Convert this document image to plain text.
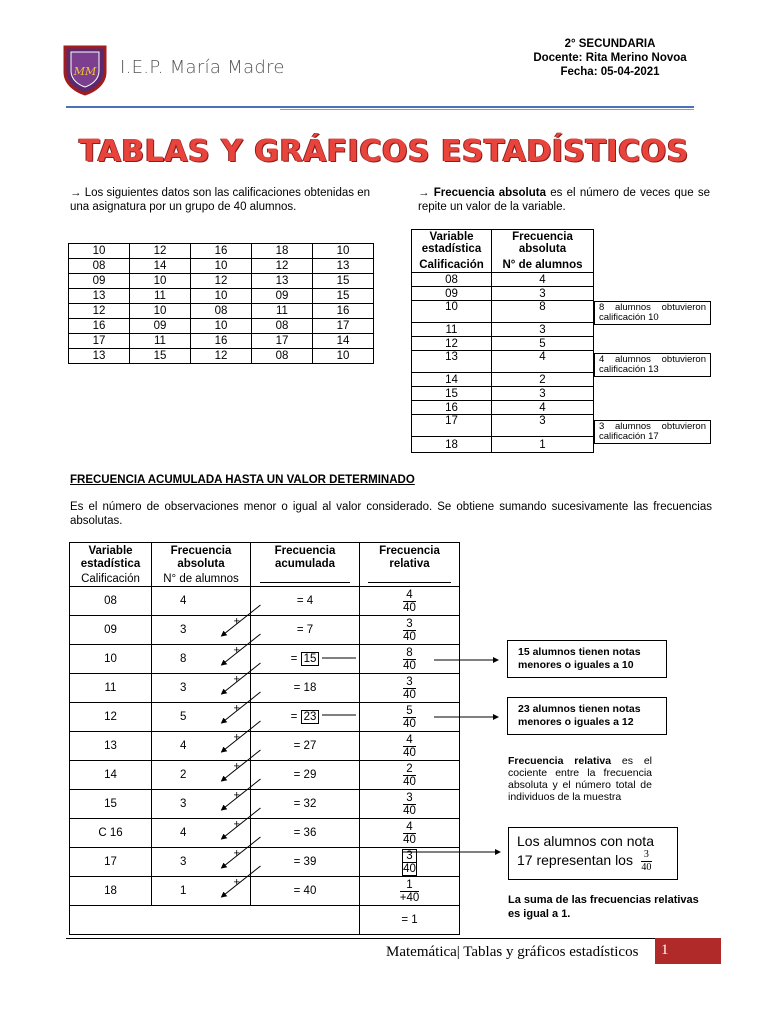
MM I.E.P. María Madre
2° SECUNDARIA
Docente: Rita Merino Novoa
Fecha: 05-04-2021
TABLAS Y GRÁFICOS ESTADÍSTICOS
→ Los siguientes datos son las calificaciones obtenidas en una asignatura por un grupo de 40 alumnos.
10	12	16	18	10
08	14	10	12	13
09	10	12	13	15
13	11	10	09	15
12	10	08	11	16
16	09	10	08	17
17	11	16	17	14
13	15	12	08	10
→ Frecuencia absoluta es el número de veces que se repite un valor de la variable.
Variable estadística	Frecuencia absoluta
Calificación	N° de alumnos
08	4
09	3
10	8
11	3
12	5
13	4
14	2
15	3
16	4
17	3
18	1
8 alumnos obtuvieron calificación 10
4 alumnos obtuvieron calificación 13
3 alumnos obtuvieron calificación 17
FRECUENCIA ACUMULADA HASTA UN VALOR DETERMINADO
Es el número de observaciones menor o igual al valor considerado. Se obtiene sumando sucesivamente las frecuencias absolutas.
Variable estadística	Frecuencia absoluta	Frecuencia acumulada	Frecuencia relativa
Calificación	N° de alumnos		
08	4	= 4	$\frac{4}{40}$
09	3	= 7	$\frac{3}{40}$
10	8	= 15	$\frac{8}{40}$
11	3	= 18	$\frac{3}{40}$
12	5	= 23	$\frac{5}{40}$
13	4	= 27	$\frac{4}{40}$
14	2	= 29	$\frac{2}{40}$
15	3	= 32	$\frac{3}{40}$
C 16	4	= 36	$\frac{4}{40}$
17	3	= 39	$\frac{3}{40}$
18	1	= 40	$\frac{1}{+40}$
			= 1
+
+
+
+
+
+
+
+
+
+
15 alumnos tienen notas menores o iguales a 10
23 alumnos tienen notas menores o iguales a 12
Frecuencia relativa es el cociente entre la frecuencia absoluta y el número total de individuos de la muestra
Los alumnos con nota 17 representan los $\frac{3}{40}$
La suma de las frecuencias relativas es igual a 1.
Matemática| Tablas y gráficos estadísticos	1
